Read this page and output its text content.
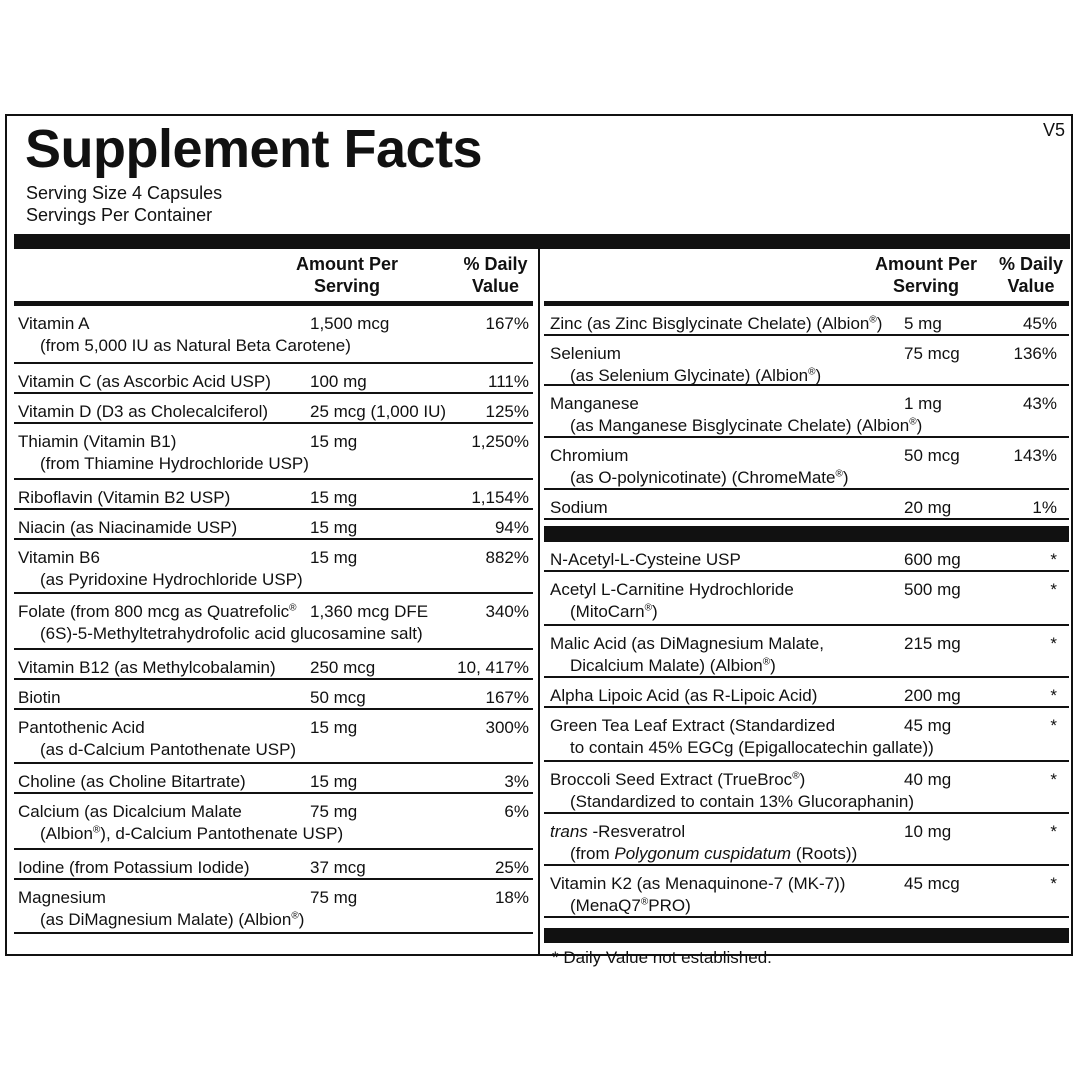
Supplement Facts	V5
Serving Size 4 Capsules
Servings Per Container
Amount Per
Serving
% Daily
Value
Vitamin A
(from 5,000 IU as Natural Beta Carotene)
1,500 mcg	167%
Vitamin C (as Ascorbic Acid USP) 100 mg	111%
Vitamin D (D3 as Cholecalciferol) 25 mcg (1,000 IU) 125%
Thiamin (Vitamin B1)
(from Thiamine Hydrochloride USP)
15 mg	1,250%
Riboflavin (Vitamin B2 USP)	15 mg	1,154%
Niacin (as Niacinamide USP)	15 mg	94%
Vitamin B6
(as Pyridoxine Hydrochloride USP)
15 mg	882%
Folate (from 800 mcg as Quatrefolic®
(6S)-5-Methyltetrahydrofolic acid glucosamine salt)
1,360 mcg DFE	340%
Vitamin B12 (as Methylcobalamin) 250 mcg	10, 417%
Biotin	50 mcg	167%
Pantothenic Acid
(as d-Calcium Pantothenate USP)
15 mg	300%
Choline (as Choline Bitartrate)	15 mg	3%
Calcium (as Dicalcium Malate
(Albion®), d-Calcium Pantothenate USP)
75 mg	6%
Iodine (from Potassium Iodide)	37 mcg	25%
Magnesium
(as DiMagnesium Malate) (Albion®)
75 mg	18%
Amount Per
Serving
% Daily
Value
Zinc (as Zinc Bisglycinate Chelate) (Albion®) 5 mg	45%
Selenium
(as Selenium Glycinate) (Albion®)
75 mcg	136%
Manganese
(as Manganese Bisglycinate Chelate) (Albion®)
1 mg	43%
Chromium
(as O-polynicotinate) (ChromeMate®)
50 mcg	143%
Sodium	20 mg	1%
N-Acetyl-L-Cysteine USP	600 mg	*
Acetyl L-Carnitine Hydrochloride
(MitoCarn®)
500 mg	*
Malic Acid (as DiMagnesium Malate,
Dicalcium Malate) (Albion®)
215 mg	*
Alpha Lipoic Acid (as R-Lipoic Acid)	200 mg	*
Green Tea Leaf Extract (Standardized
to contain 45% EGCg (Epigallocatechin gallate))
45 mg	*
Broccoli Seed Extract (TrueBroc®)
(Standardized to contain 13% Glucoraphanin)
40 mg	*
trans -Resveratrol
(from Polygonum cuspidatum (Roots))
10 mg	*
Vitamin K2 (as Menaquinone-7 (MK-7))
(MenaQ7®PRO)
45 mcg	*
* Daily Value not established.
